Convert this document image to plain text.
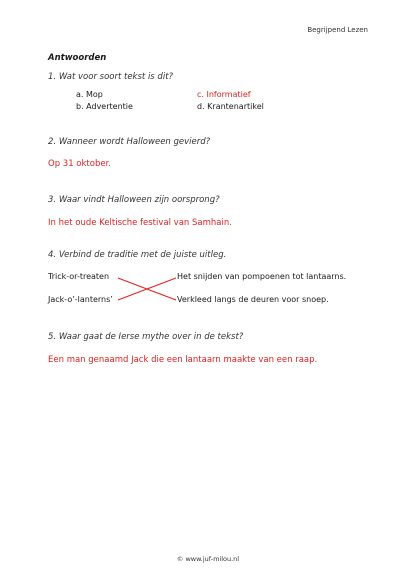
Begrijpend Lezen
Antwoorden
1. Wat voor soort tekst is dit?
a. Mop	c. Informatief
b. Advertentie	d. Krantenartikel
2. Wanneer wordt Halloween gevierd?
Op 31 oktober.
3. Waar vindt Halloween zijn oorsprong?
In het oude Keltische festival van Samhain.
4. Verbind de traditie met de juiste uitleg.
Trick-or-treaten
Jack-o’-lanterns’
Het snijden van pompoenen tot lantaarns.
Verkleed langs de deuren voor snoep.
5. Waar gaat de Ierse mythe over in de tekst?
Een man genaamd Jack die een lantaarn maakte van een raap.
© www.juf-milou.nl
